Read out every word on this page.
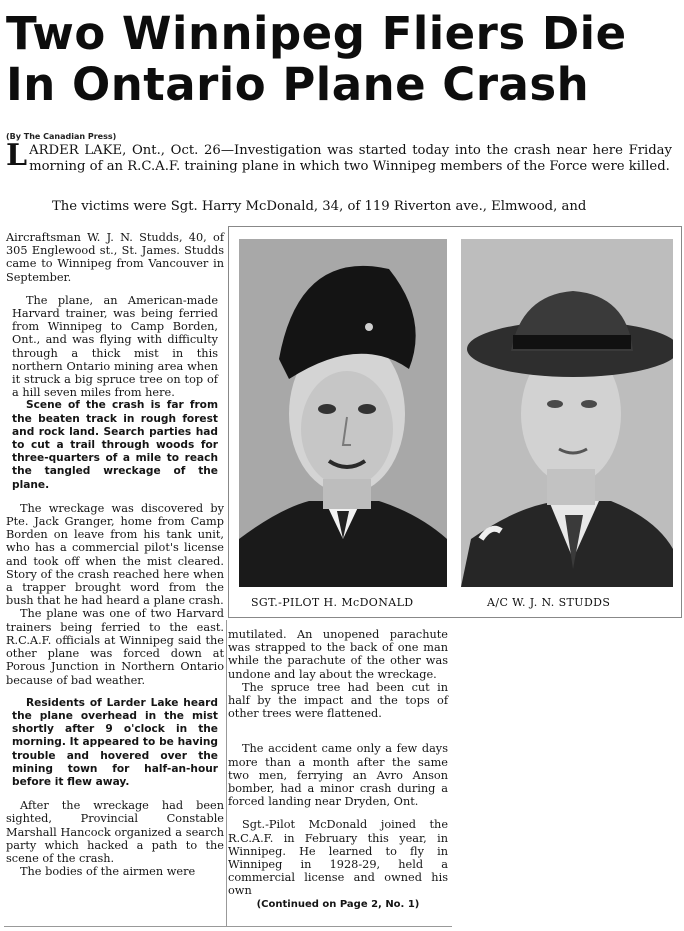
Two Winnipeg Fliers Die
In Ontario Plane Crash
(By The Canadian Press)
LARDER LAKE, Ont., Oct. 26—Investigation was started today into the crash near here Friday morning of an R.C.A.F. training plane in which two Winnipeg members of the Force were killed.
The victims were Sgt. Harry McDonald, 34, of 119 Riverton ave., Elmwood, and

Aircraftsman W. J. N. Studds, 40, of 305 Englewood st., St. James. Studds came to Winnipeg from Vancouver in September.

The plane, an American-made Harvard trainer, was being ferried from Winnipeg to Camp Borden, Ont., and was flying with difficulty through a thick mist in this northern Ontario mining area when it struck a big spruce tree on top of a hill seven miles from here.

Scene of the crash is far from the beaten track in rough forest and rock land. Search parties had to cut a trail through woods for three-quarters of a mile to reach the tangled wreckage of the plane.

The wreckage was discovered by Pte. Jack Granger, home from Camp Borden on leave from his tank unit, who has a commercial pilot's license and took off when the mist cleared. Story of the crash reached here when a trapper brought word from the bush that he had heard a plane crash.

The plane was one of two Harvard trainers being ferried to the east. R.C.A.F. officials at Winnipeg said the other plane was forced down at Porous Junction in Northern Ontario because of bad weather.

Residents of Larder Lake heard the plane overhead in the mist shortly after 9 o'clock in the morning. It appeared to be having trouble and hovered over the mining town for half-an-hour before it flew away.

After the wreckage had been sighted, Provincial Constable Marshall Hancock organized a search party which hacked a path to the scene of the crash.

The bodies of the airmen were

SGT.-PILOT H. McDONALD	A/C W. J. N. STUDDS

mutilated. An unopened parachute was strapped to the back of one man while the parachute of the other was undone and lay about the wreckage.

The spruce tree had been cut in half by the impact and the tops of other trees were flattened.

The accident came only a few days more than a month after the same two men, ferrying an Avro Anson bomber, had a minor crash during a forced landing near Dryden, Ont.

Sgt.-Pilot McDonald joined the R.C.A.F. in February this year, in Winnipeg. He learned to fly in Winnipeg in 1928-29, held a commercial license and owned his own

(Continued on Page 2, No. 1)
